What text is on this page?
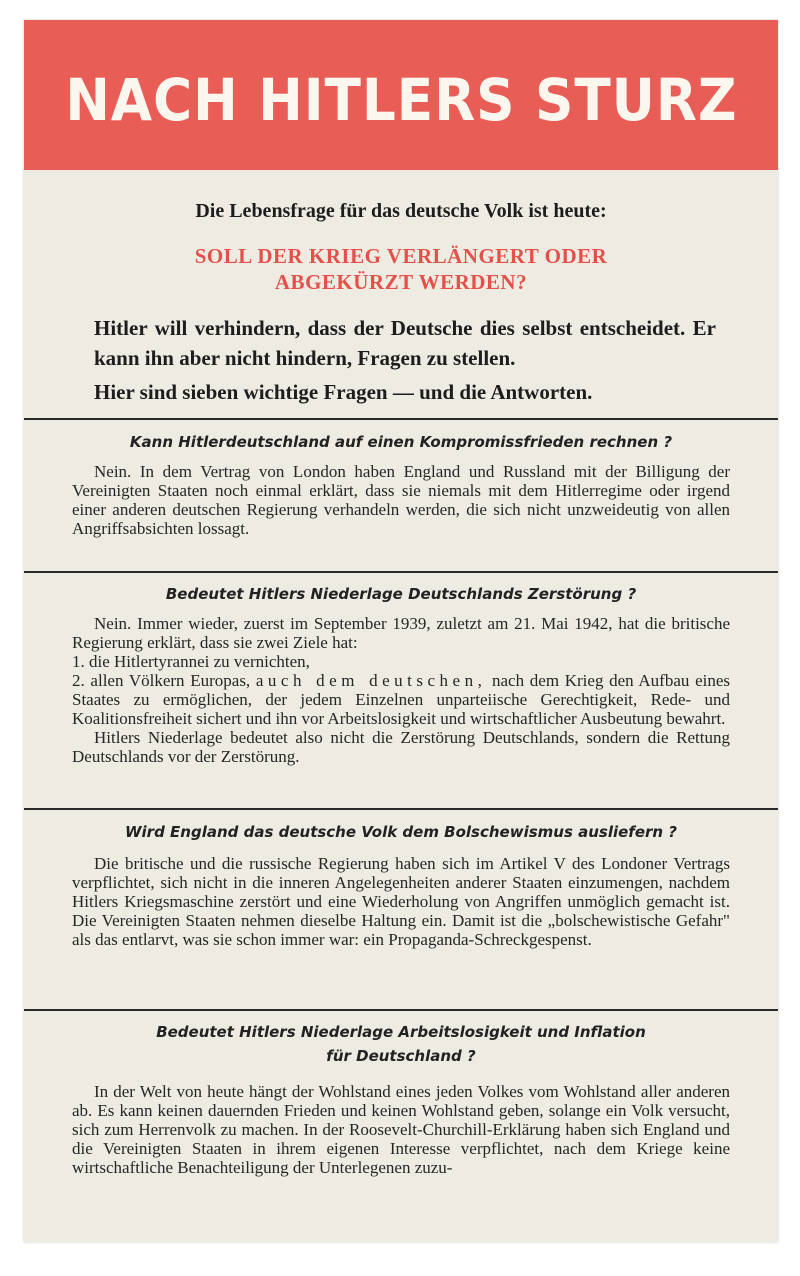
NACH HITLERS STURZ

Die Lebensfrage für das deutsche Volk ist heute:

SOLL DER KRIEG VERLÄNGERT ODER
ABGEKÜRZT WERDEN?

Hitler will verhindern, dass der Deutsche dies selbst entscheidet. Er kann ihn aber nicht hindern, Fragen zu stellen.
Hier sind sieben wichtige Fragen — und die Antworten.

Kann Hitlerdeutschland auf einen Kompromissfrieden rechnen ?

Nein. In dem Vertrag von London haben England und Russland mit der Billigung der Vereinigten Staaten noch einmal erklärt, dass sie niemals mit dem Hitlerregime oder irgend einer anderen deutschen Regierung verhandeln werden, die sich nicht unzweideutig von allen Angriffsabsichten lossagt.

Bedeutet Hitlers Niederlage Deutschlands Zerstörung ?

Nein. Immer wieder, zuerst im September 1939, zuletzt am 21. Mai 1942, hat die britische Regierung erklärt, dass sie zwei Ziele hat:

1. die Hitlertyrannei zu vernichten,

2. allen Völkern Europas, auch dem deutschen, nach dem Krieg den Aufbau eines Staates zu ermöglichen, der jedem Einzelnen unparteiische Gerechtigkeit, Rede- und Koalitionsfreiheit sichert und ihn vor Arbeitslosigkeit und wirtschaftlicher Ausbeutung bewahrt.

Hitlers Niederlage bedeutet also nicht die Zerstörung Deutschlands, sondern die Rettung Deutschlands vor der Zerstörung.

Wird England das deutsche Volk dem Bolschewismus ausliefern ?

Die britische und die russische Regierung haben sich im Artikel V des Londoner Vertrags verpflichtet, sich nicht in die inneren Angelegenheiten anderer Staaten einzumengen, nachdem Hitlers Kriegsmaschine zerstört und eine Wiederholung von Angriffen unmöglich gemacht ist. Die Vereinigten Staaten nehmen dieselbe Haltung ein. Damit ist die „bolschewistische Gefahr" als das entlarvt, was sie schon immer war: ein Propaganda-Schreckgespenst.

Bedeutet Hitlers Niederlage Arbeitslosigkeit und Inflation
für Deutschland ?

In der Welt von heute hängt der Wohlstand eines jeden Volkes vom Wohlstand aller anderen ab. Es kann keinen dauernden Frieden und keinen Wohlstand geben, solange ein Volk versucht, sich zum Herrenvolk zu machen. In der Roosevelt-Churchill-Erklärung haben sich England und die Vereinigten Staaten in ihrem eigenen Interesse verpflichtet, nach dem Kriege keine wirtschaftliche Benachteiligung der Unterlegenen zuzu-
